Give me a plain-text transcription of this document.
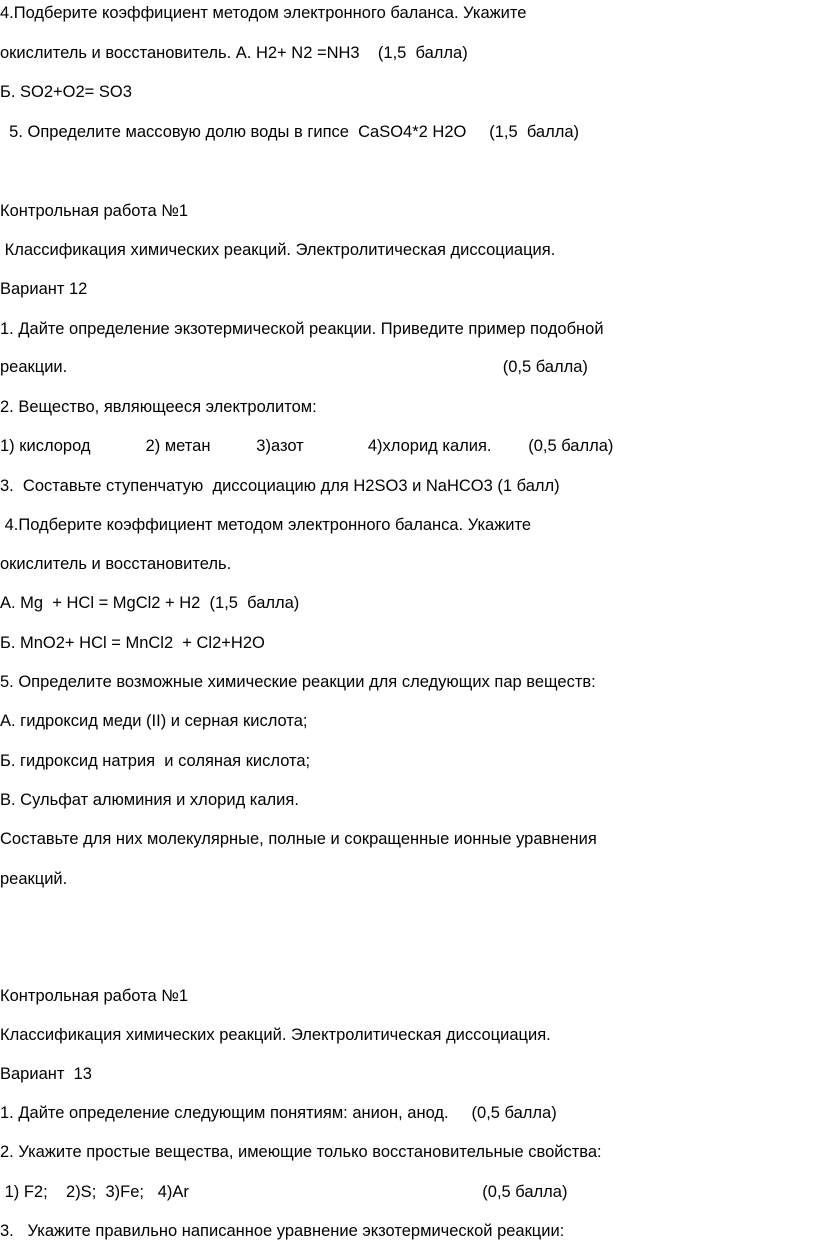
4.Подберите коэффициент методом электронного баланса. Укажите

окислитель и восстановитель. А. H2+ N2 =NH3    (1,5  балла)

Б. SO2+O2= SO3

5. Определите массовую долю воды в гипсе  CaSO4*2 H2O     (1,5  балла)

Контрольная работа №1

Классификация химических реакций. Электролитическая диссоциация.

Вариант 12

1. Дайте определение экзотермической реакции. Приведите пример подобной

реакции.                                                                                               (0,5 балла)

2. Вещество, являющееся электролитом:

1) кислород            2) метан          3)азот              4)хлорид калия.        (0,5 балла)

3.  Составьте ступенчатую  диссоциацию для H2SO3 и NaHCO3 (1 балл)

4.Подберите коэффициент методом электронного баланса. Укажите

окислитель и восстановитель.

А. Mg  + HCl = MgCl2 + H2  (1,5  балла)

Б. MnO2+ HCl = MnCl2  + Cl2+H2O

5. Определите возможные химические реакции для следующих пар веществ:

А. гидроксид меди (II) и серная кислота;

Б. гидроксид натрия  и соляная кислота;

В. Сульфат алюминия и хлорид калия.

Составьте для них молекулярные, полные и сокращенные ионные уравнения

реакций.

Контрольная работа №1

Классификация химических реакций. Электролитическая диссоциация.

Вариант  13

1. Дайте определение следующим понятиям: анион, анод.     (0,5 балла)

2. Укажите простые вещества, имеющие только восстановительные свойства:

1) F2;    2)S;  3)Fe;   4)Ar                                                                (0,5 балла)

3.   Укажите правильно написанное уравнение экзотермической реакции:
